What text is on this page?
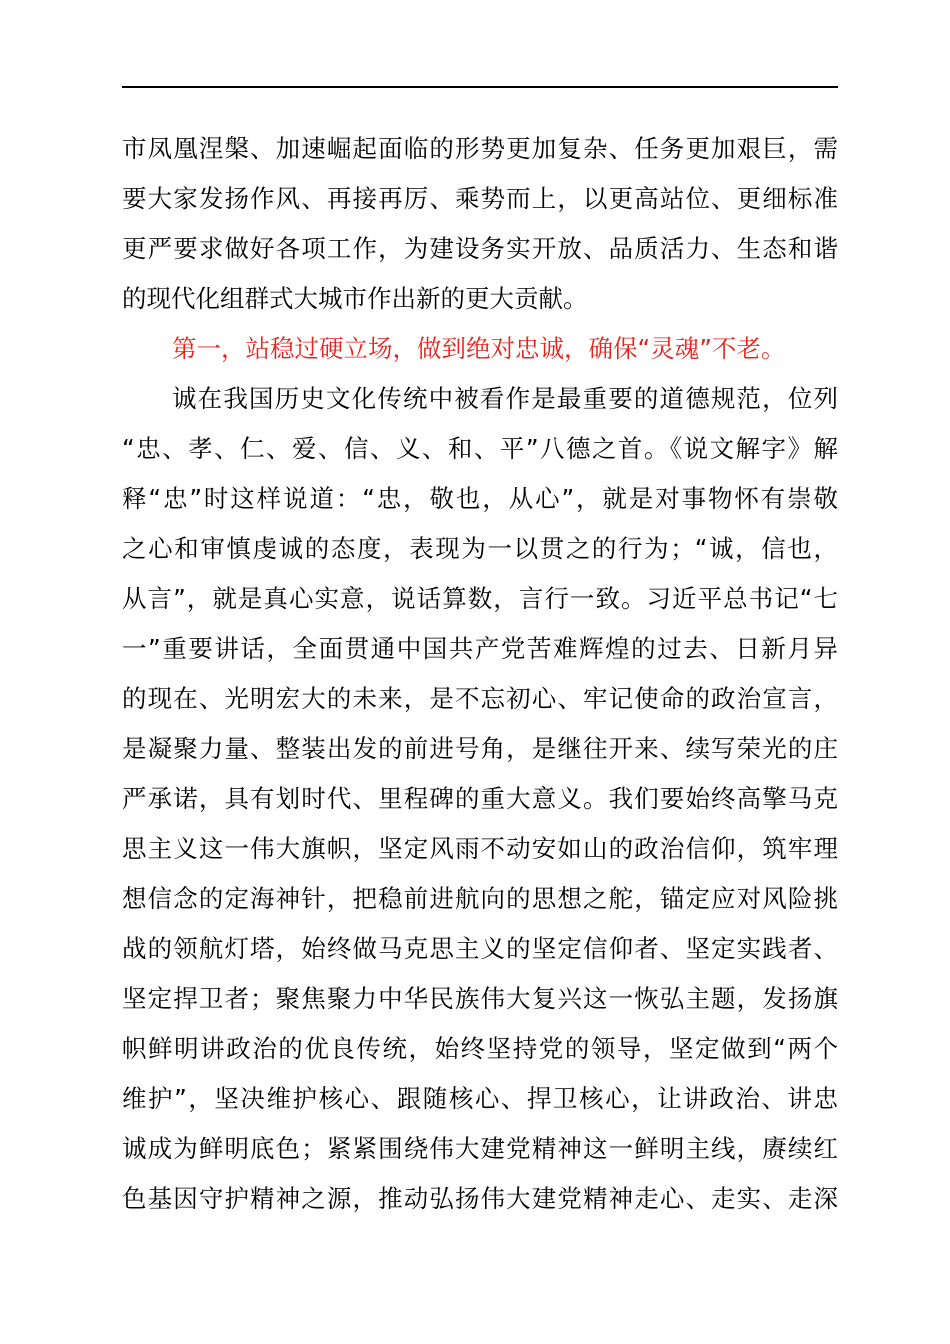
市凤凰涅槃、加速崛起面临的形势更加复杂、任务更加艰巨，需
要大家发扬作风、再接再厉、乘势而上，以更高站位、更细标准
更严要求做好各项工作，为建设务实开放、品质活力、生态和谐
的现代化组群式大城市作出新的更大贡献。
第一，站稳过硬立场，做到绝对忠诚，确保“灵魂”不老。
诚在我国历史文化传统中被看作是最重要的道德规范，位列
“忠、孝、仁、爱、信、义、和、平”八德之首。《说文解字》解
释“忠”时这样说道：“忠，敬也，从心”，就是对事物怀有崇敬
之心和审慎虔诚的态度，表现为一以贯之的行为；“诚，信也，
从言”，就是真心实意，说话算数，言行一致。习近平总书记“七
一”重要讲话，全面贯通中国共产党苦难辉煌的过去、日新月异
的现在、光明宏大的未来，是不忘初心、牢记使命的政治宣言，
是凝聚力量、整装出发的前进号角，是继往开来、续写荣光的庄
严承诺，具有划时代、里程碑的重大意义。我们要始终高擎马克
思主义这一伟大旗帜，坚定风雨不动安如山的政治信仰，筑牢理
想信念的定海神针，把稳前进航向的思想之舵，锚定应对风险挑
战的领航灯塔，始终做马克思主义的坚定信仰者、坚定实践者、
坚定捍卫者；聚焦聚力中华民族伟大复兴这一恢弘主题，发扬旗
帜鲜明讲政治的优良传统，始终坚持党的领导，坚定做到“两个
维护”，坚决维护核心、跟随核心、捍卫核心，让讲政治、讲忠
诚成为鲜明底色；紧紧围绕伟大建党精神这一鲜明主线，赓续红
色基因守护精神之源，推动弘扬伟大建党精神走心、走实、走深
